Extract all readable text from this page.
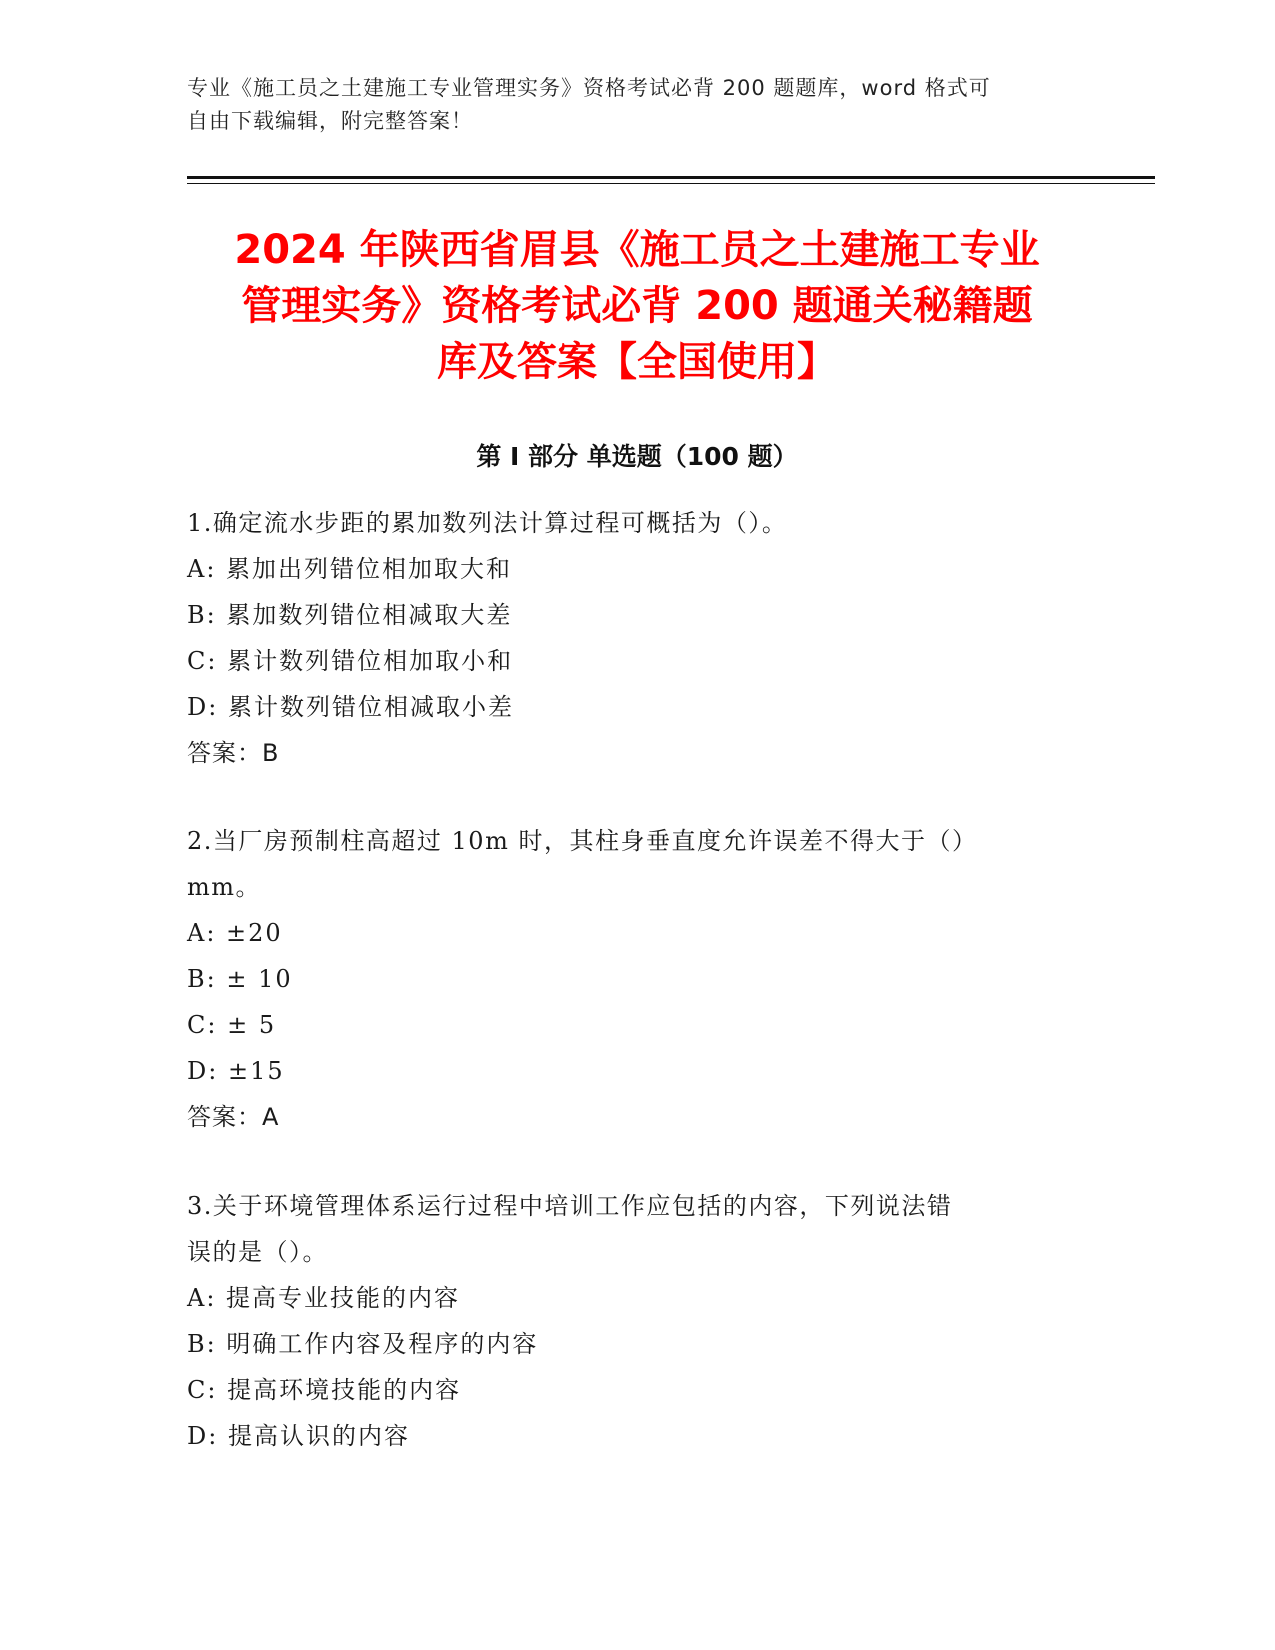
专业《施工员之土建施工专业管理实务》资格考试必背 200 题题库，word 格式可
自由下载编辑，附完整答案！
2024 年陕西省眉县《施工员之土建施工专业
管理实务》资格考试必背 200 题通关秘籍题
库及答案【全国使用】
第 I 部分 单选题（100 题）
1.确定流水步距的累加数列法计算过程可概括为（）。
A: 累加出列错位相加取大和
B: 累加数列错位相减取大差
C: 累计数列错位相加取小和
D: 累计数列错位相减取小差
答案：B
2.当厂房预制柱高超过 10m 时，其柱身垂直度允许误差不得大于（）
mm。
A: ±20
B: ± 10
C: ± 5
D: ±15
答案：A
3.关于环境管理体系运行过程中培训工作应包括的内容，下列说法错
误的是（）。
A: 提高专业技能的内容
B: 明确工作内容及程序的内容
C: 提高环境技能的内容
D: 提高认识的内容
